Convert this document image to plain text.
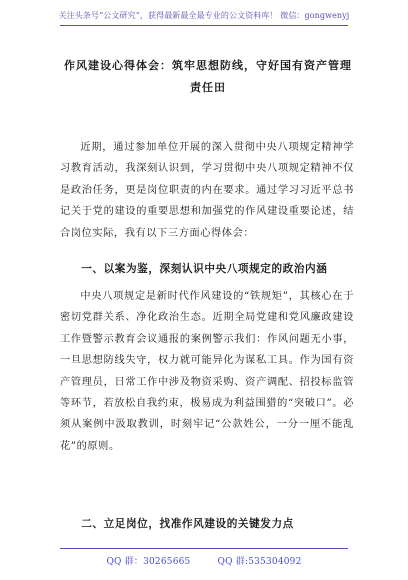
关注头条号“公文研究”，获得最新最全最专业的公文资料库！ 微信：gongwenyj
作风建设心得体会：筑牢思想防线，守好国有资产管理责任田
近期，通过参加单位开展的深入贯彻中央八项规定精神学习教育活动，我深刻认识到，学习贯彻中央八项规定精神不仅是政治任务，更是岗位职责的内在要求。通过学习习近平总书记关于党的建设的重要思想和加强党的作风建设重要论述，结合岗位实际，我有以下三方面心得体会：
一、以案为鉴，深刻认识中央八项规定的政治内涵
中央八项规定是新时代作风建设的“铁规矩”，其核心在于密切党群关系、净化政治生态。近期全局党建和党风廉政建设工作暨警示教育会议通报的案例警示我们：作风问题无小事，一旦思想防线失守，权力就可能异化为谋私工具。作为国有资产管理员，日常工作中涉及物资采购、资产调配、招投标监管等环节，若放松自我约束，极易成为利益围猎的“突破口”。必须从案例中汲取教训，时刻牢记“公款姓公，一分一厘不能乱花”的原则。
二、立足岗位，找准作风建设的关键发力点
QQ 群：30265665	QQ 群:535304092
